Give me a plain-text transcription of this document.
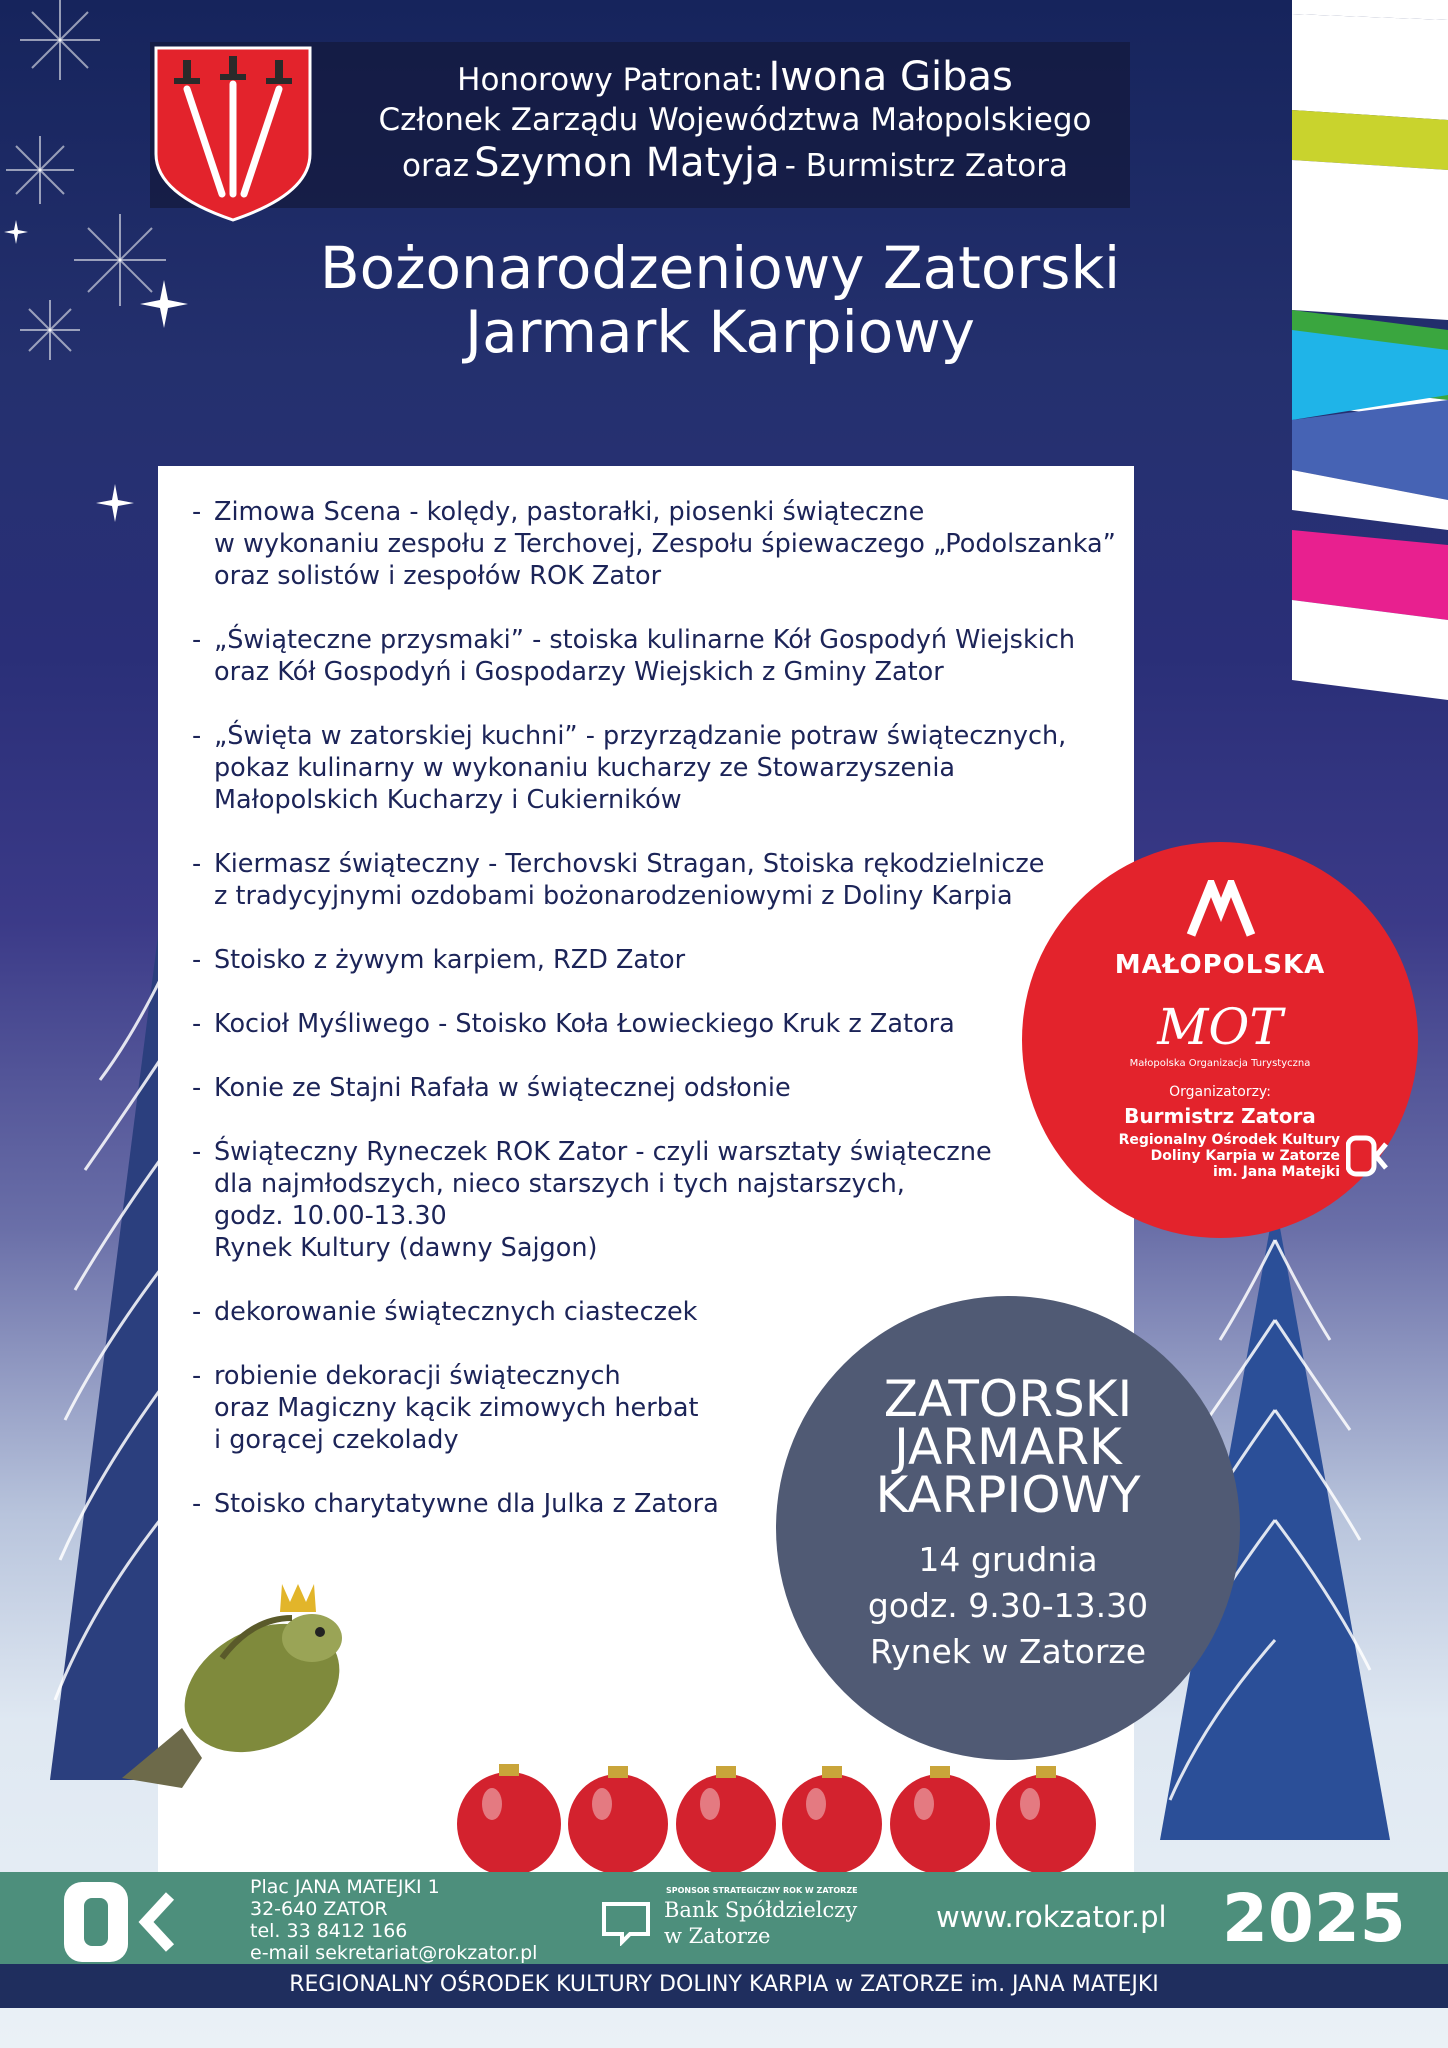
Honorowy Patronat: Iwona Gibas
Członek Zarządu Województwa Małopolskiego
oraz Szymon Matyja - Burmistrz Zatora
Bożonarodzeniowy Zatorski
Jarmark Karpiowy
- Zimowa Scena - kolędy, pastorałki, piosenki świąteczne
w wykonaniu zespołu z Terchovej, Zespołu śpiewaczego „Podolszanka”
oraz solistów i zespołów ROK Zator
- „Świąteczne przysmaki” - stoiska kulinarne Kół Gospodyń Wiejskich
oraz Kół Gospodyń i Gospodarzy Wiejskich z Gminy Zator
- „Święta w zatorskiej kuchni” - przyrządzanie potraw świątecznych,
pokaz kulinarny w wykonaniu kucharzy ze Stowarzyszenia
Małopolskich Kucharzy i Cukierników
- Kiermasz świąteczny - Terchovski Stragan, Stoiska rękodzielnicze
z tradycyjnymi ozdobami bożonarodzeniowymi z Doliny Karpia
- Stoisko z żywym karpiem, RZD Zator
- Kocioł Myśliwego - Stoisko Koła Łowieckiego Kruk z Zatora
- Konie ze Stajni Rafała w świątecznej odsłonie
- Świąteczny Ryneczek ROK Zator - czyli warsztaty świąteczne
dla najmłodszych, nieco starszych i tych najstarszych,
godz. 10.00-13.30
Rynek Kultury (dawny Sajgon)
- dekorowanie świątecznych ciasteczek
- robienie dekoracji świątecznych
oraz Magiczny kącik zimowych herbat
i gorącej czekolady
- Stoisko charytatywne dla Julka z Zatora
MAŁOPOLSKA
MOT
Małopolska Organizacja Turystyczna
Organizatorzy:
Burmistrz Zatora
Regionalny Ośrodek Kultury
Doliny Karpia w Zatorze
im. Jana Matejki
ZATORSKI
JARMARK
KARPIOWY
14 grudnia
godz. 9.30-13.30
Rynek w Zatorze
Plac JANA MATEJKI 1
32-640 ZATOR
tel. 33 8412 166
e-mail sekretariat@rokzator.pl
SPONSOR STRATEGICZNY ROK W ZATORZE
Bank Spółdzielczy
w Zatorze
www.rokzator.pl 2025
REGIONALNY OŚRODEK KULTURY DOLINY KARPIA w ZATORZE im. JANA MATEJKI
